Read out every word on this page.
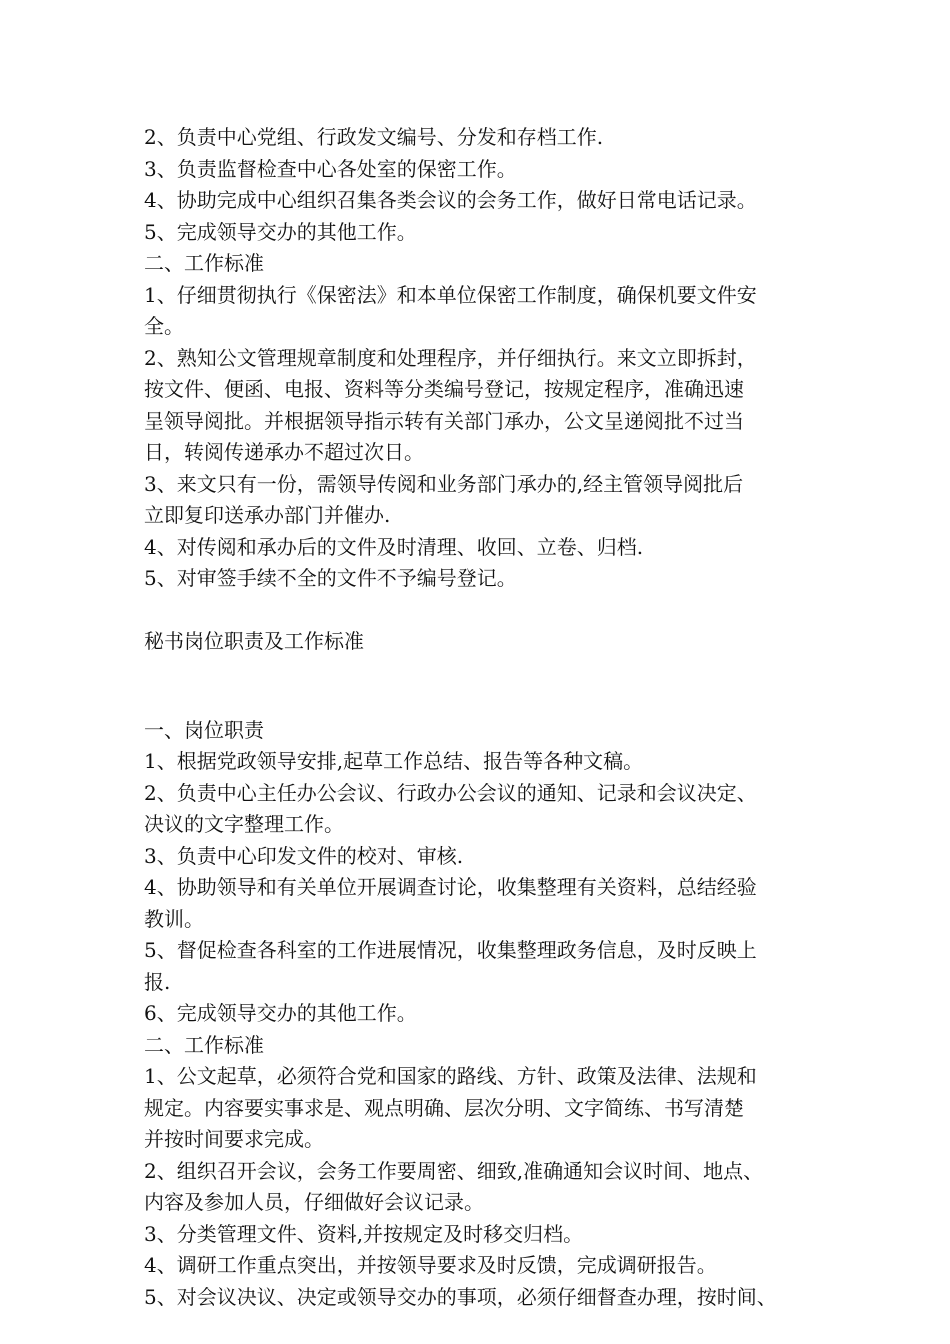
2、负责中心党组、行政发文编号、分发和存档工作.

3、负责监督检查中心各处室的保密工作。

4、协助完成中心组织召集各类会议的会务工作，做好日常电话记录。

5、完成领导交办的其他工作。

二、工作标准

1、仔细贯彻执行《保密法》和本单位保密工作制度，确保机要文件安

全。

2、熟知公文管理规章制度和处理程序，并仔细执行。来文立即拆封，

按文件、便函、电报、资料等分类编号登记，按规定程序，准确迅速

呈领导阅批。并根据领导指示转有关部门承办，公文呈递阅批不过当

日，转阅传递承办不超过次日。

3、来文只有一份，需领导传阅和业务部门承办的,经主管领导阅批后

立即复印送承办部门并催办.

4、对传阅和承办后的文件及时清理、收回、立卷、归档.

5、对审签手续不全的文件不予编号登记。

秘书岗位职责及工作标准

一、岗位职责

1、根据党政领导安排,起草工作总结、报告等各种文稿。

2、负责中心主任办公会议、行政办公会议的通知、记录和会议决定、

决议的文字整理工作。

3、负责中心印发文件的校对、审核.

4、协助领导和有关单位开展调查讨论，收集整理有关资料，总结经验

教训。

5、督促检查各科室的工作进展情况，收集整理政务信息，及时反映上

报.

6、完成领导交办的其他工作。

二、工作标准

1、公文起草，必须符合党和国家的路线、方针、政策及法律、法规和

规定。内容要实事求是、观点明确、层次分明、文字简练、书写清楚

并按时间要求完成。

2、组织召开会议，会务工作要周密、细致,准确通知会议时间、地点、

内容及参加人员，仔细做好会议记录。

3、分类管理文件、资料,并按规定及时移交归档。

4、调研工作重点突出，并按领导要求及时反馈，完成调研报告。

5、对会议决议、决定或领导交办的事项，必须仔细督查办理，按时间、
